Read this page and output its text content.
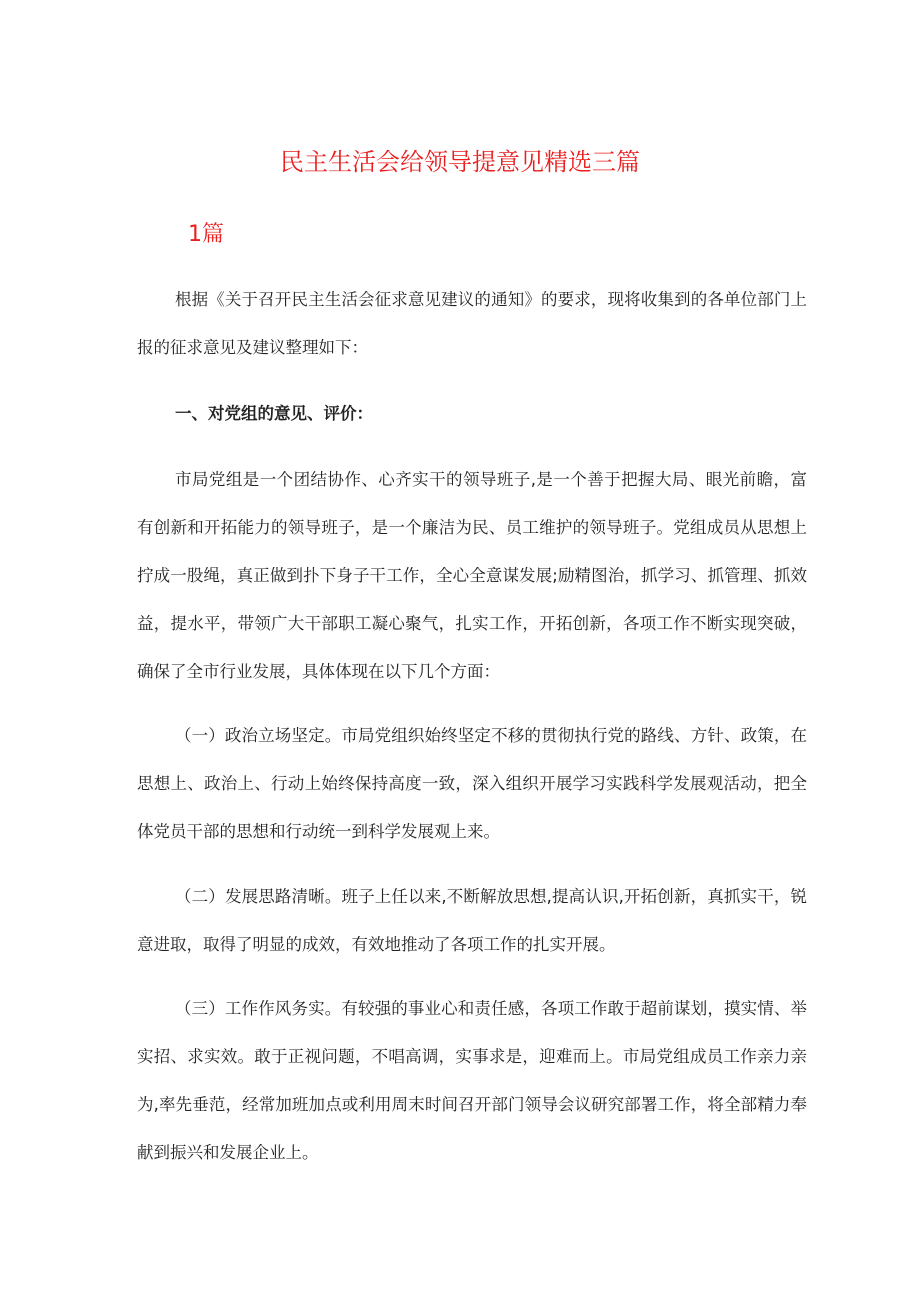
民主生活会给领导提意见精选三篇
1篇

根据《关于召开民主生活会征求意见建议的通知》的要求，现将收集到的各单位部门上报的征求意见及建议整理如下：

一、对党组的意见、评价：

市局党组是一个团结协作、心齐实干的领导班子,是一个善于把握大局、眼光前瞻，富有创新和开拓能力的领导班子，是一个廉洁为民、员工维护的领导班子。党组成员从思想上拧成一股绳，真正做到扑下身子干工作，全心全意谋发展;励精图治，抓学习、抓管理、抓效益，提水平，带领广大干部职工凝心聚气，扎实工作，开拓创新，各项工作不断实现突破，确保了全市行业发展，具体体现在以下几个方面：

（一）政治立场坚定。市局党组织始终坚定不移的贯彻执行党的路线、方针、政策，在思想上、政治上、行动上始终保持高度一致，深入组织开展学习实践科学发展观活动，把全体党员干部的思想和行动统一到科学发展观上来。

（二）发展思路清晰。班子上任以来,不断解放思想,提高认识,开拓创新，真抓实干，锐意进取，取得了明显的成效，有效地推动了各项工作的扎实开展。

（三）工作作风务实。有较强的事业心和责任感，各项工作敢于超前谋划，摸实情、举实招、求实效。敢于正视问题，不唱高调，实事求是，迎难而上。市局党组成员工作亲力亲为,率先垂范，经常加班加点或利用周末时间召开部门领导会议研究部署工作，将全部精力奉献到振兴和发展企业上。
